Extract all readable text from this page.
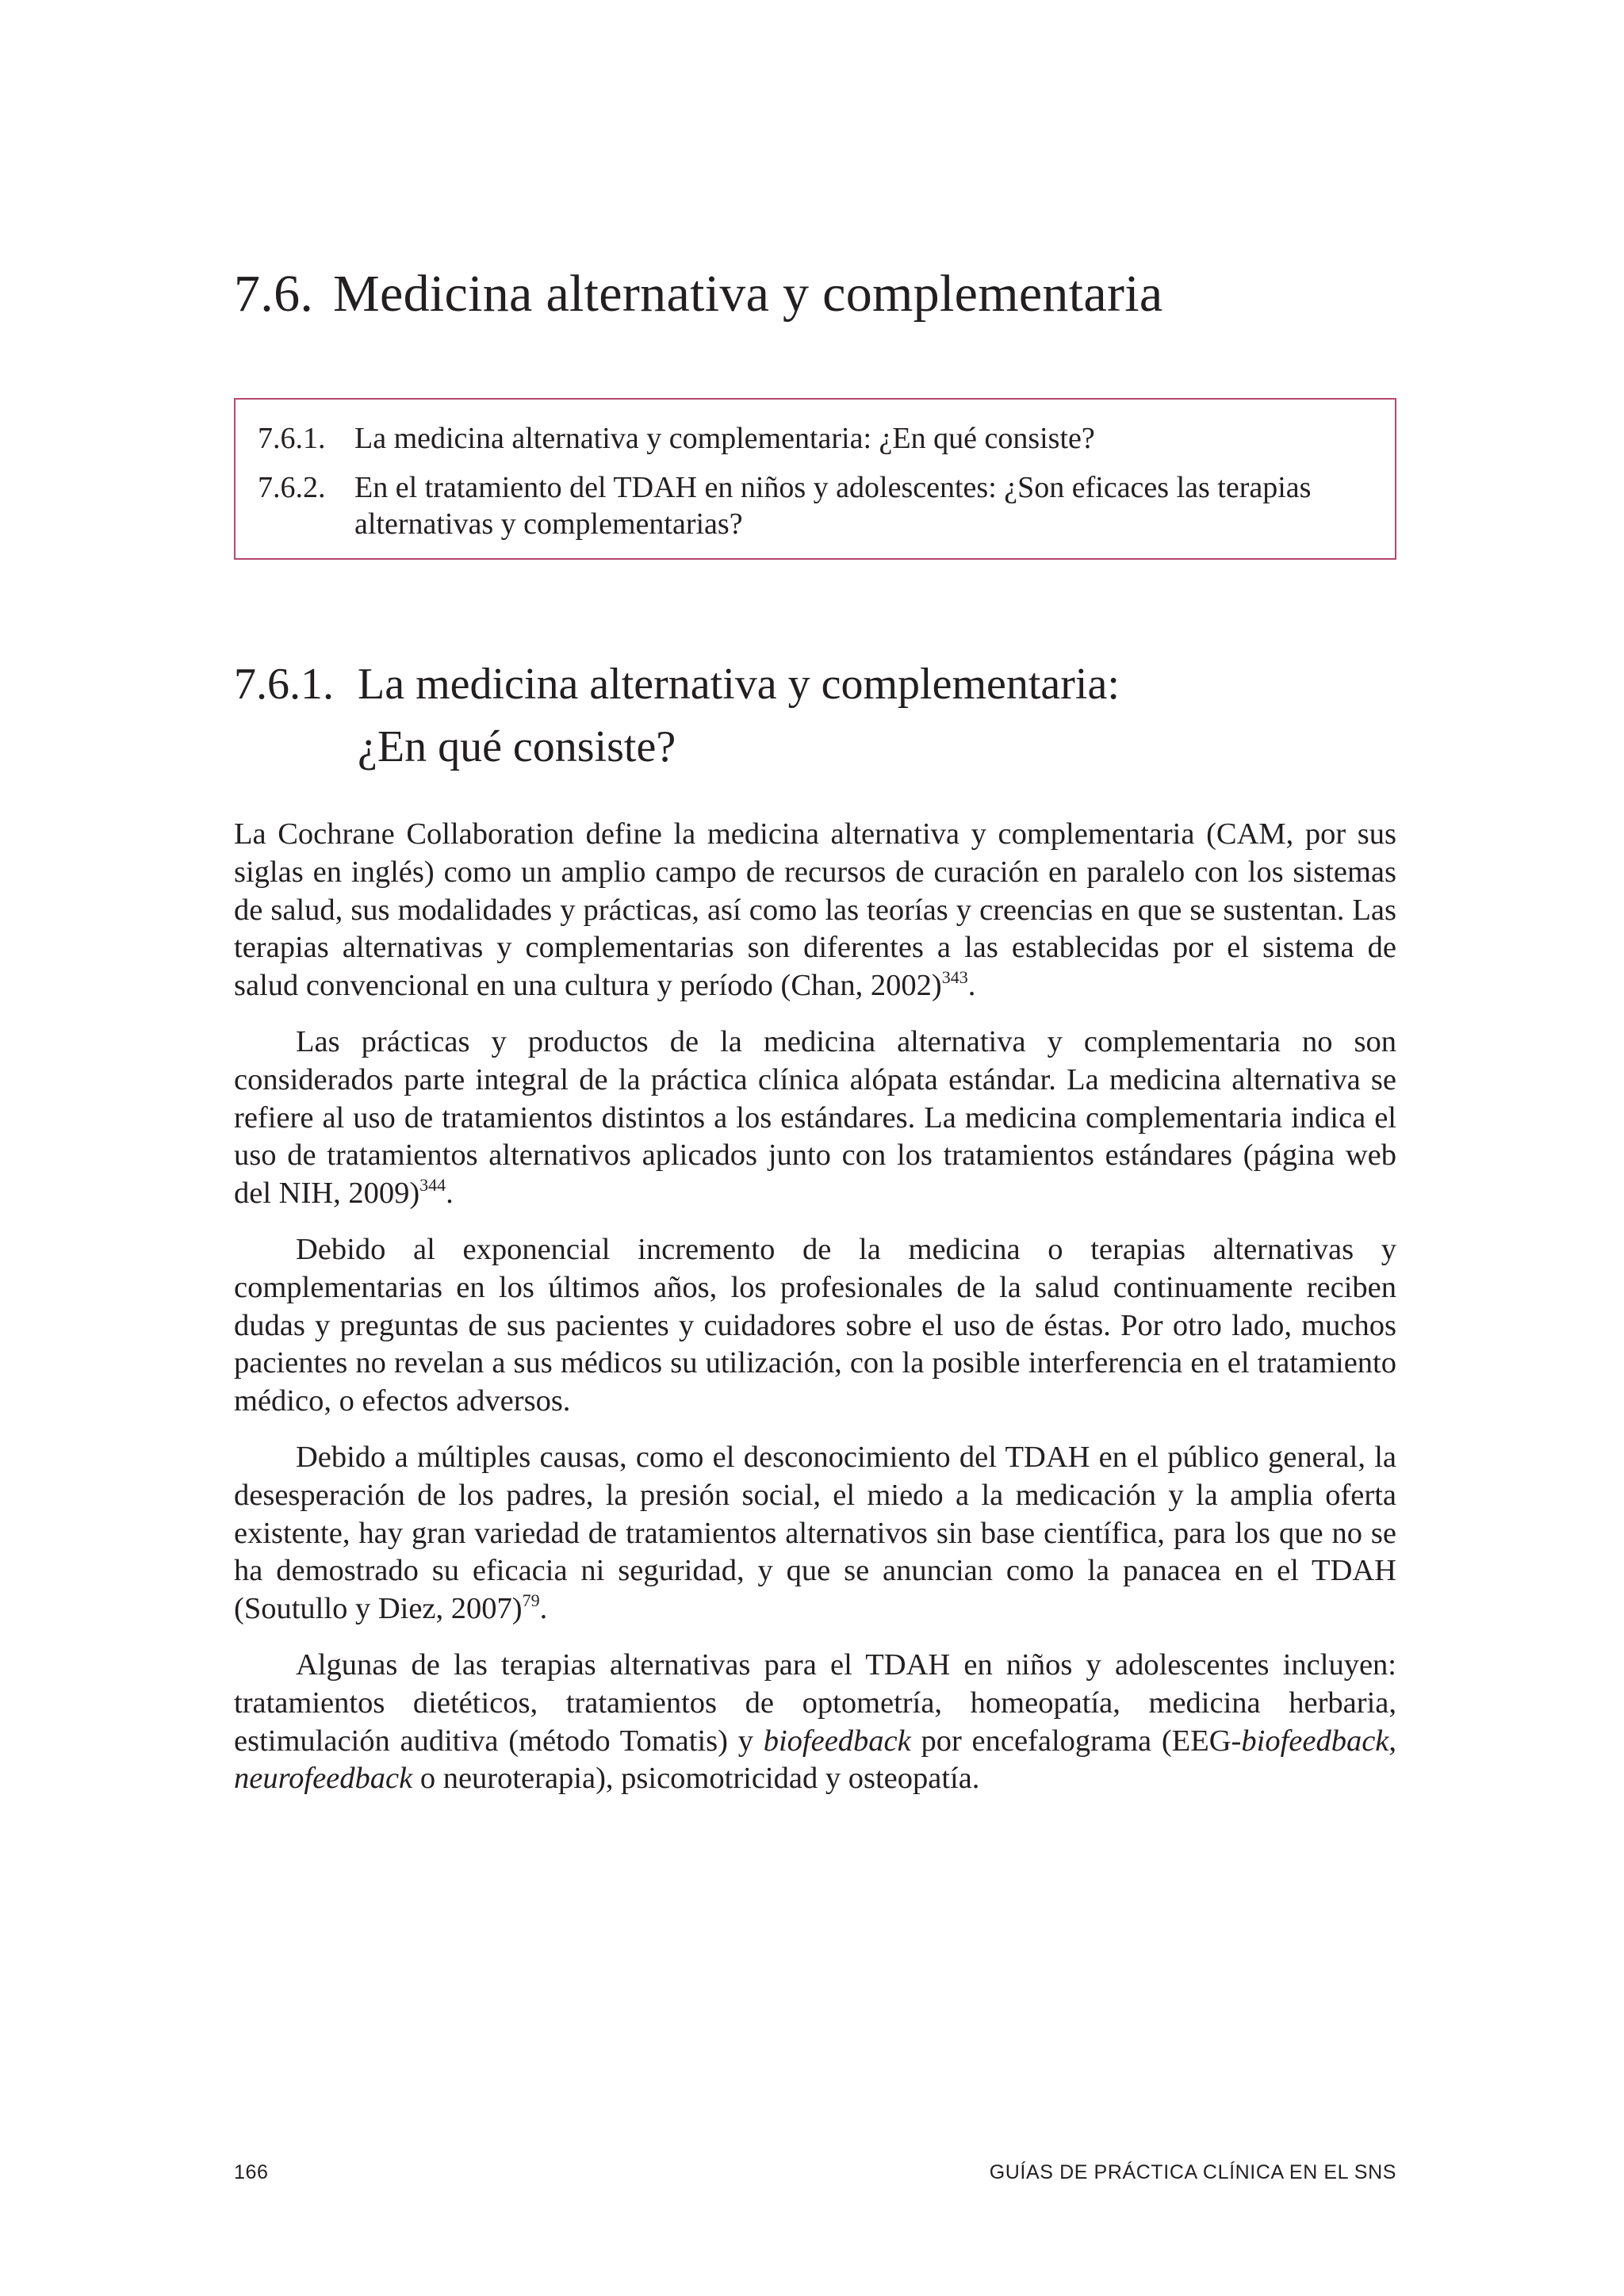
7.6. Medicina alternativa y complementaria
7.6.1. La medicina alternativa y complementaria: ¿En qué consiste?
7.6.2. En el tratamiento del TDAH en niños y adolescentes: ¿Son eficaces las terapias alternativas y complementarias?
7.6.1. La medicina alternativa y complementaria:
¿En qué consiste?

La Cochrane Collaboration define la medicina alternativa y complementaria (CAM, por sus siglas en inglés) como un amplio campo de recursos de curación en paralelo con los sistemas de salud, sus modalidades y prácticas, así como las teorías y creencias en que se sustentan. Las terapias alternativas y complementarias son diferentes a las establecidas por el sistema de salud convencional en una cultura y período (Chan, 2002)$^{343}$.

Las prácticas y productos de la medicina alternativa y complementaria no son considerados parte integral de la práctica clínica alópata estándar. La medicina alternativa se refiere al uso de tratamientos distintos a los estándares. La medicina complementaria indica el uso de tratamientos alternativos aplicados junto con los tratamientos estándares (página web del NIH, 2009)$^{344}$.

Debido al exponencial incremento de la medicina o terapias alternativas y complementarias en los últimos años, los profesionales de la salud continuamente reciben dudas y preguntas de sus pacientes y cuidadores sobre el uso de éstas. Por otro lado, muchos pacientes no revelan a sus médicos su utilización, con la posible interferencia en el tratamiento médico, o efectos adversos.

Debido a múltiples causas, como el desconocimiento del TDAH en el público general, la desesperación de los padres, la presión social, el miedo a la medicación y la amplia oferta existente, hay gran variedad de tratamientos alternativos sin base científica, para los que no se ha demostrado su eficacia ni seguridad, y que se anuncian como la panacea en el TDAH (Soutullo y Diez, 2007)$^{79}$.

Algunas de las terapias alternativas para el TDAH en niños y adolescentes incluyen: tratamientos dietéticos, tratamientos de optometría, homeopatía, medicina herbaria, estimulación auditiva (método Tomatis) y biofeedback por encefalograma (EEG-biofeedback, neurofeedback o neuroterapia), psicomotricidad y osteopatía.

166	GUÍAS DE PRÁCTICA CLÍNICA EN EL SNS
